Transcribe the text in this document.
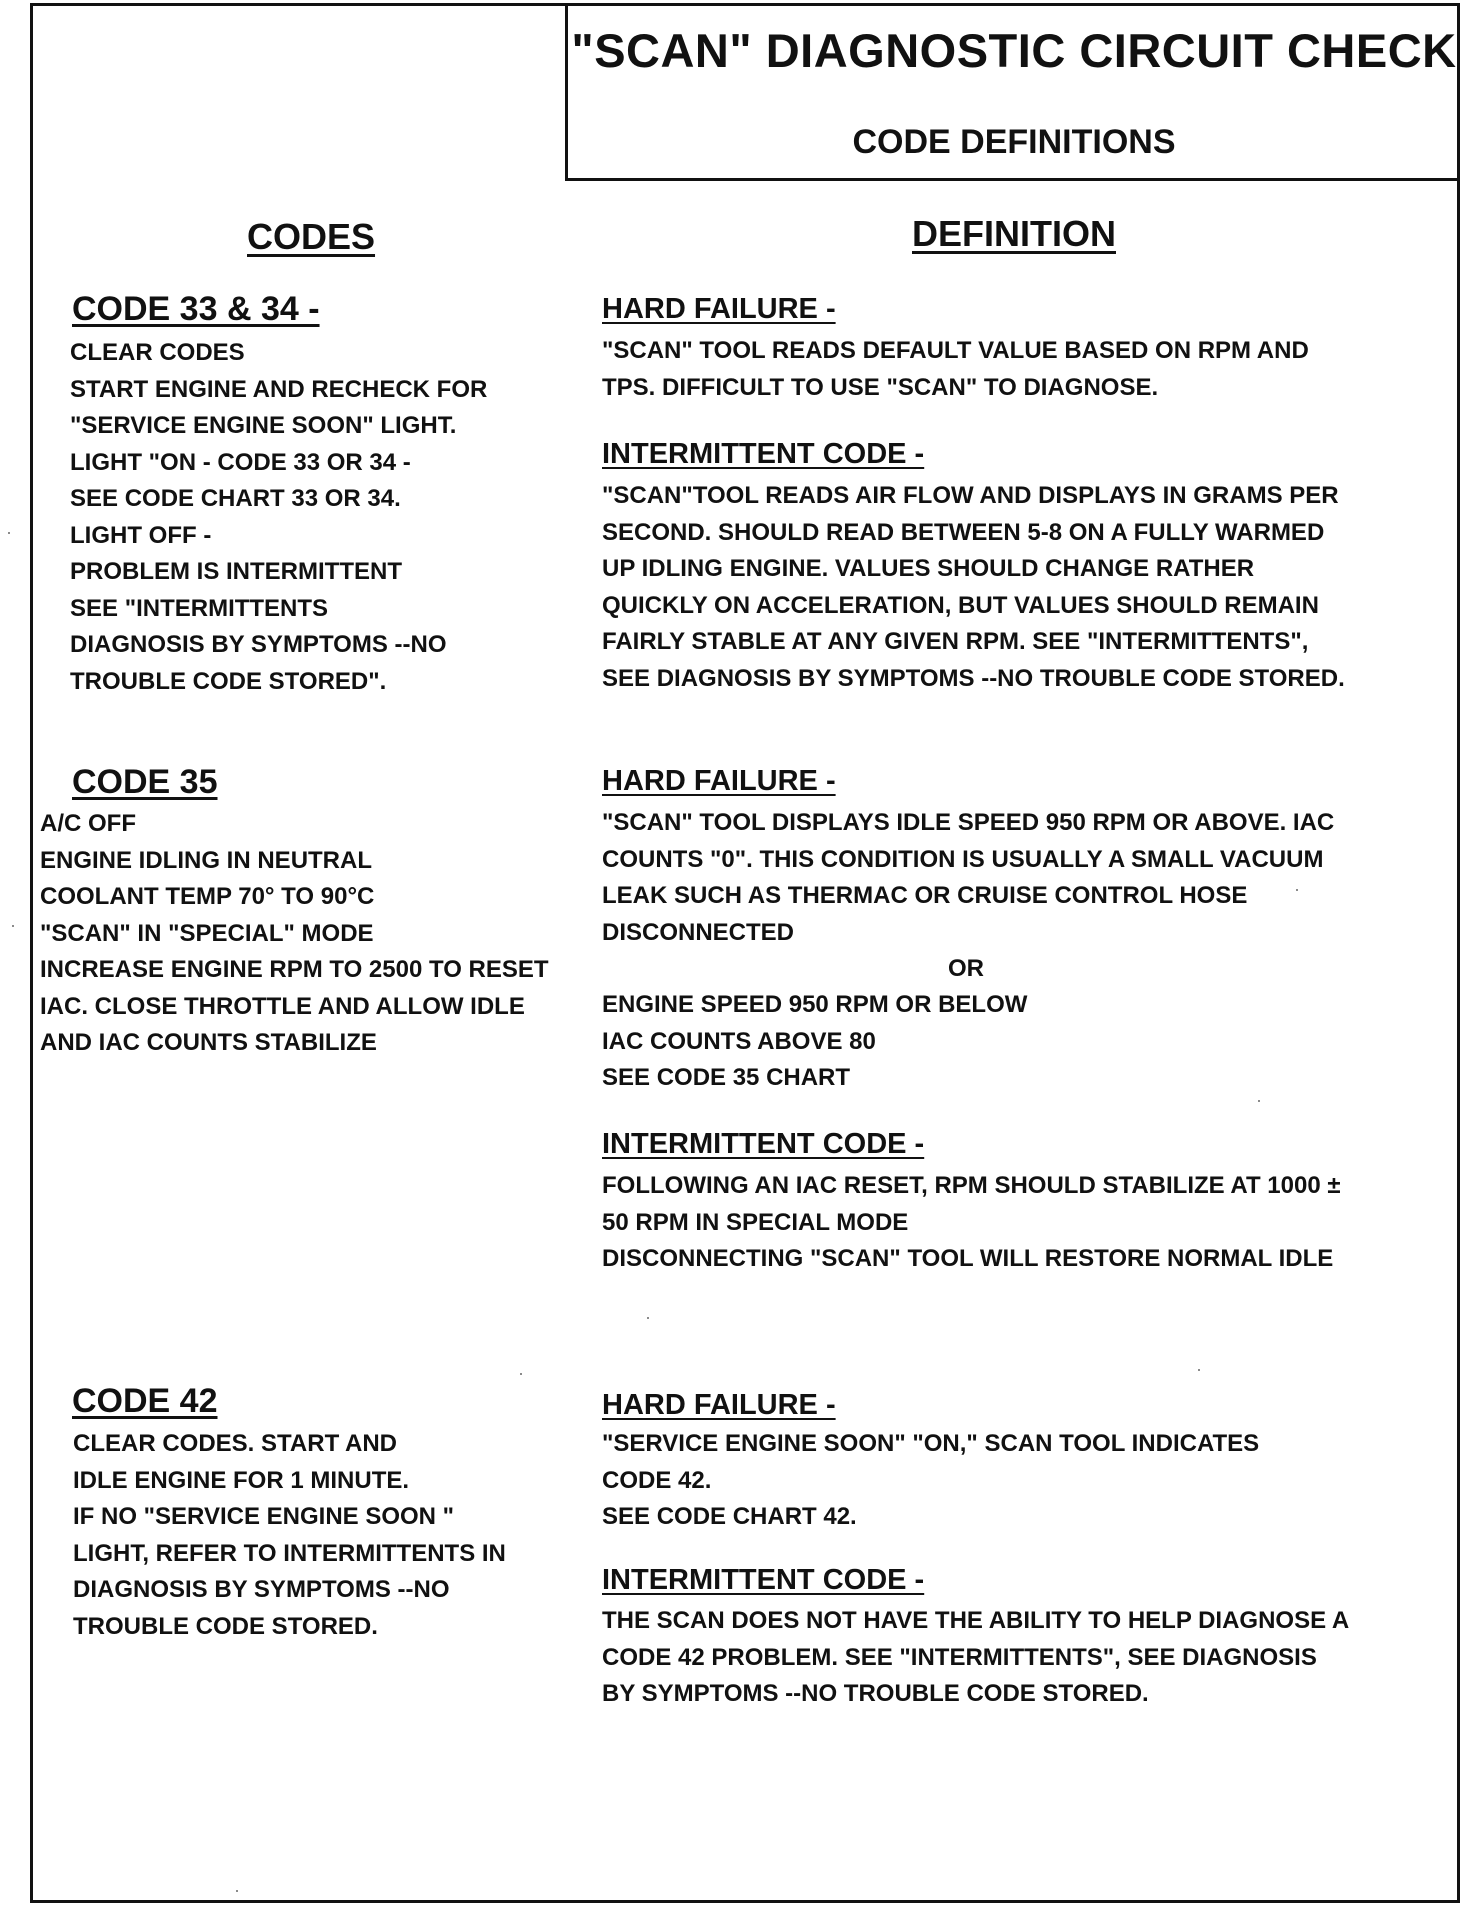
"SCAN" DIAGNOSTIC CIRCUIT CHECK
CODE DEFINITIONS
CODES	DEFINITION
CODE 33 & 34 -
CLEAR CODES
START ENGINE AND RECHECK FOR
"SERVICE ENGINE SOON" LIGHT.
LIGHT "ON - CODE 33 OR 34 -
SEE CODE CHART 33 OR 34.
LIGHT OFF -
PROBLEM IS INTERMITTENT
SEE "INTERMITTENTS
DIAGNOSIS BY SYMPTOMS --NO
TROUBLE CODE STORED".
HARD FAILURE -
"SCAN" TOOL READS DEFAULT VALUE BASED ON RPM AND
TPS. DIFFICULT TO USE "SCAN" TO DIAGNOSE.
INTERMITTENT CODE -
"SCAN"TOOL READS AIR FLOW AND DISPLAYS IN GRAMS PER
SECOND. SHOULD READ BETWEEN 5-8 ON A FULLY WARMED
UP IDLING ENGINE. VALUES SHOULD CHANGE RATHER
QUICKLY ON ACCELERATION, BUT VALUES SHOULD REMAIN
FAIRLY STABLE AT ANY GIVEN RPM. SEE "INTERMITTENTS",
SEE DIAGNOSIS BY SYMPTOMS --NO TROUBLE CODE STORED.
CODE 35
A/C OFF
ENGINE IDLING IN NEUTRAL
COOLANT TEMP 70° TO 90°C
"SCAN" IN "SPECIAL" MODE
INCREASE ENGINE RPM TO 2500 TO RESET
IAC. CLOSE THROTTLE AND ALLOW IDLE
AND IAC COUNTS STABILIZE
HARD FAILURE -
"SCAN" TOOL DISPLAYS IDLE SPEED 950 RPM OR ABOVE. IAC
COUNTS "0". THIS CONDITION IS USUALLY A SMALL VACUUM
LEAK SUCH AS THERMAC OR CRUISE CONTROL HOSE
DISCONNECTED
OR
ENGINE SPEED 950 RPM OR BELOW
IAC COUNTS ABOVE 80
SEE CODE 35 CHART
INTERMITTENT CODE -
FOLLOWING AN IAC RESET, RPM SHOULD STABILIZE AT 1000 ±
50 RPM IN SPECIAL MODE
DISCONNECTING "SCAN" TOOL WILL RESTORE NORMAL IDLE
CODE 42
CLEAR CODES. START AND
IDLE ENGINE FOR 1 MINUTE.
IF NO "SERVICE ENGINE SOON "
LIGHT, REFER TO INTERMITTENTS IN
DIAGNOSIS BY SYMPTOMS --NO
TROUBLE CODE STORED.
HARD FAILURE -
"SERVICE ENGINE SOON" "ON," SCAN TOOL INDICATES
CODE 42.
SEE CODE CHART 42.
INTERMITTENT CODE -
THE SCAN DOES NOT HAVE THE ABILITY TO HELP DIAGNOSE A
CODE 42 PROBLEM. SEE "INTERMITTENTS", SEE DIAGNOSIS
BY SYMPTOMS --NO TROUBLE CODE STORED.
